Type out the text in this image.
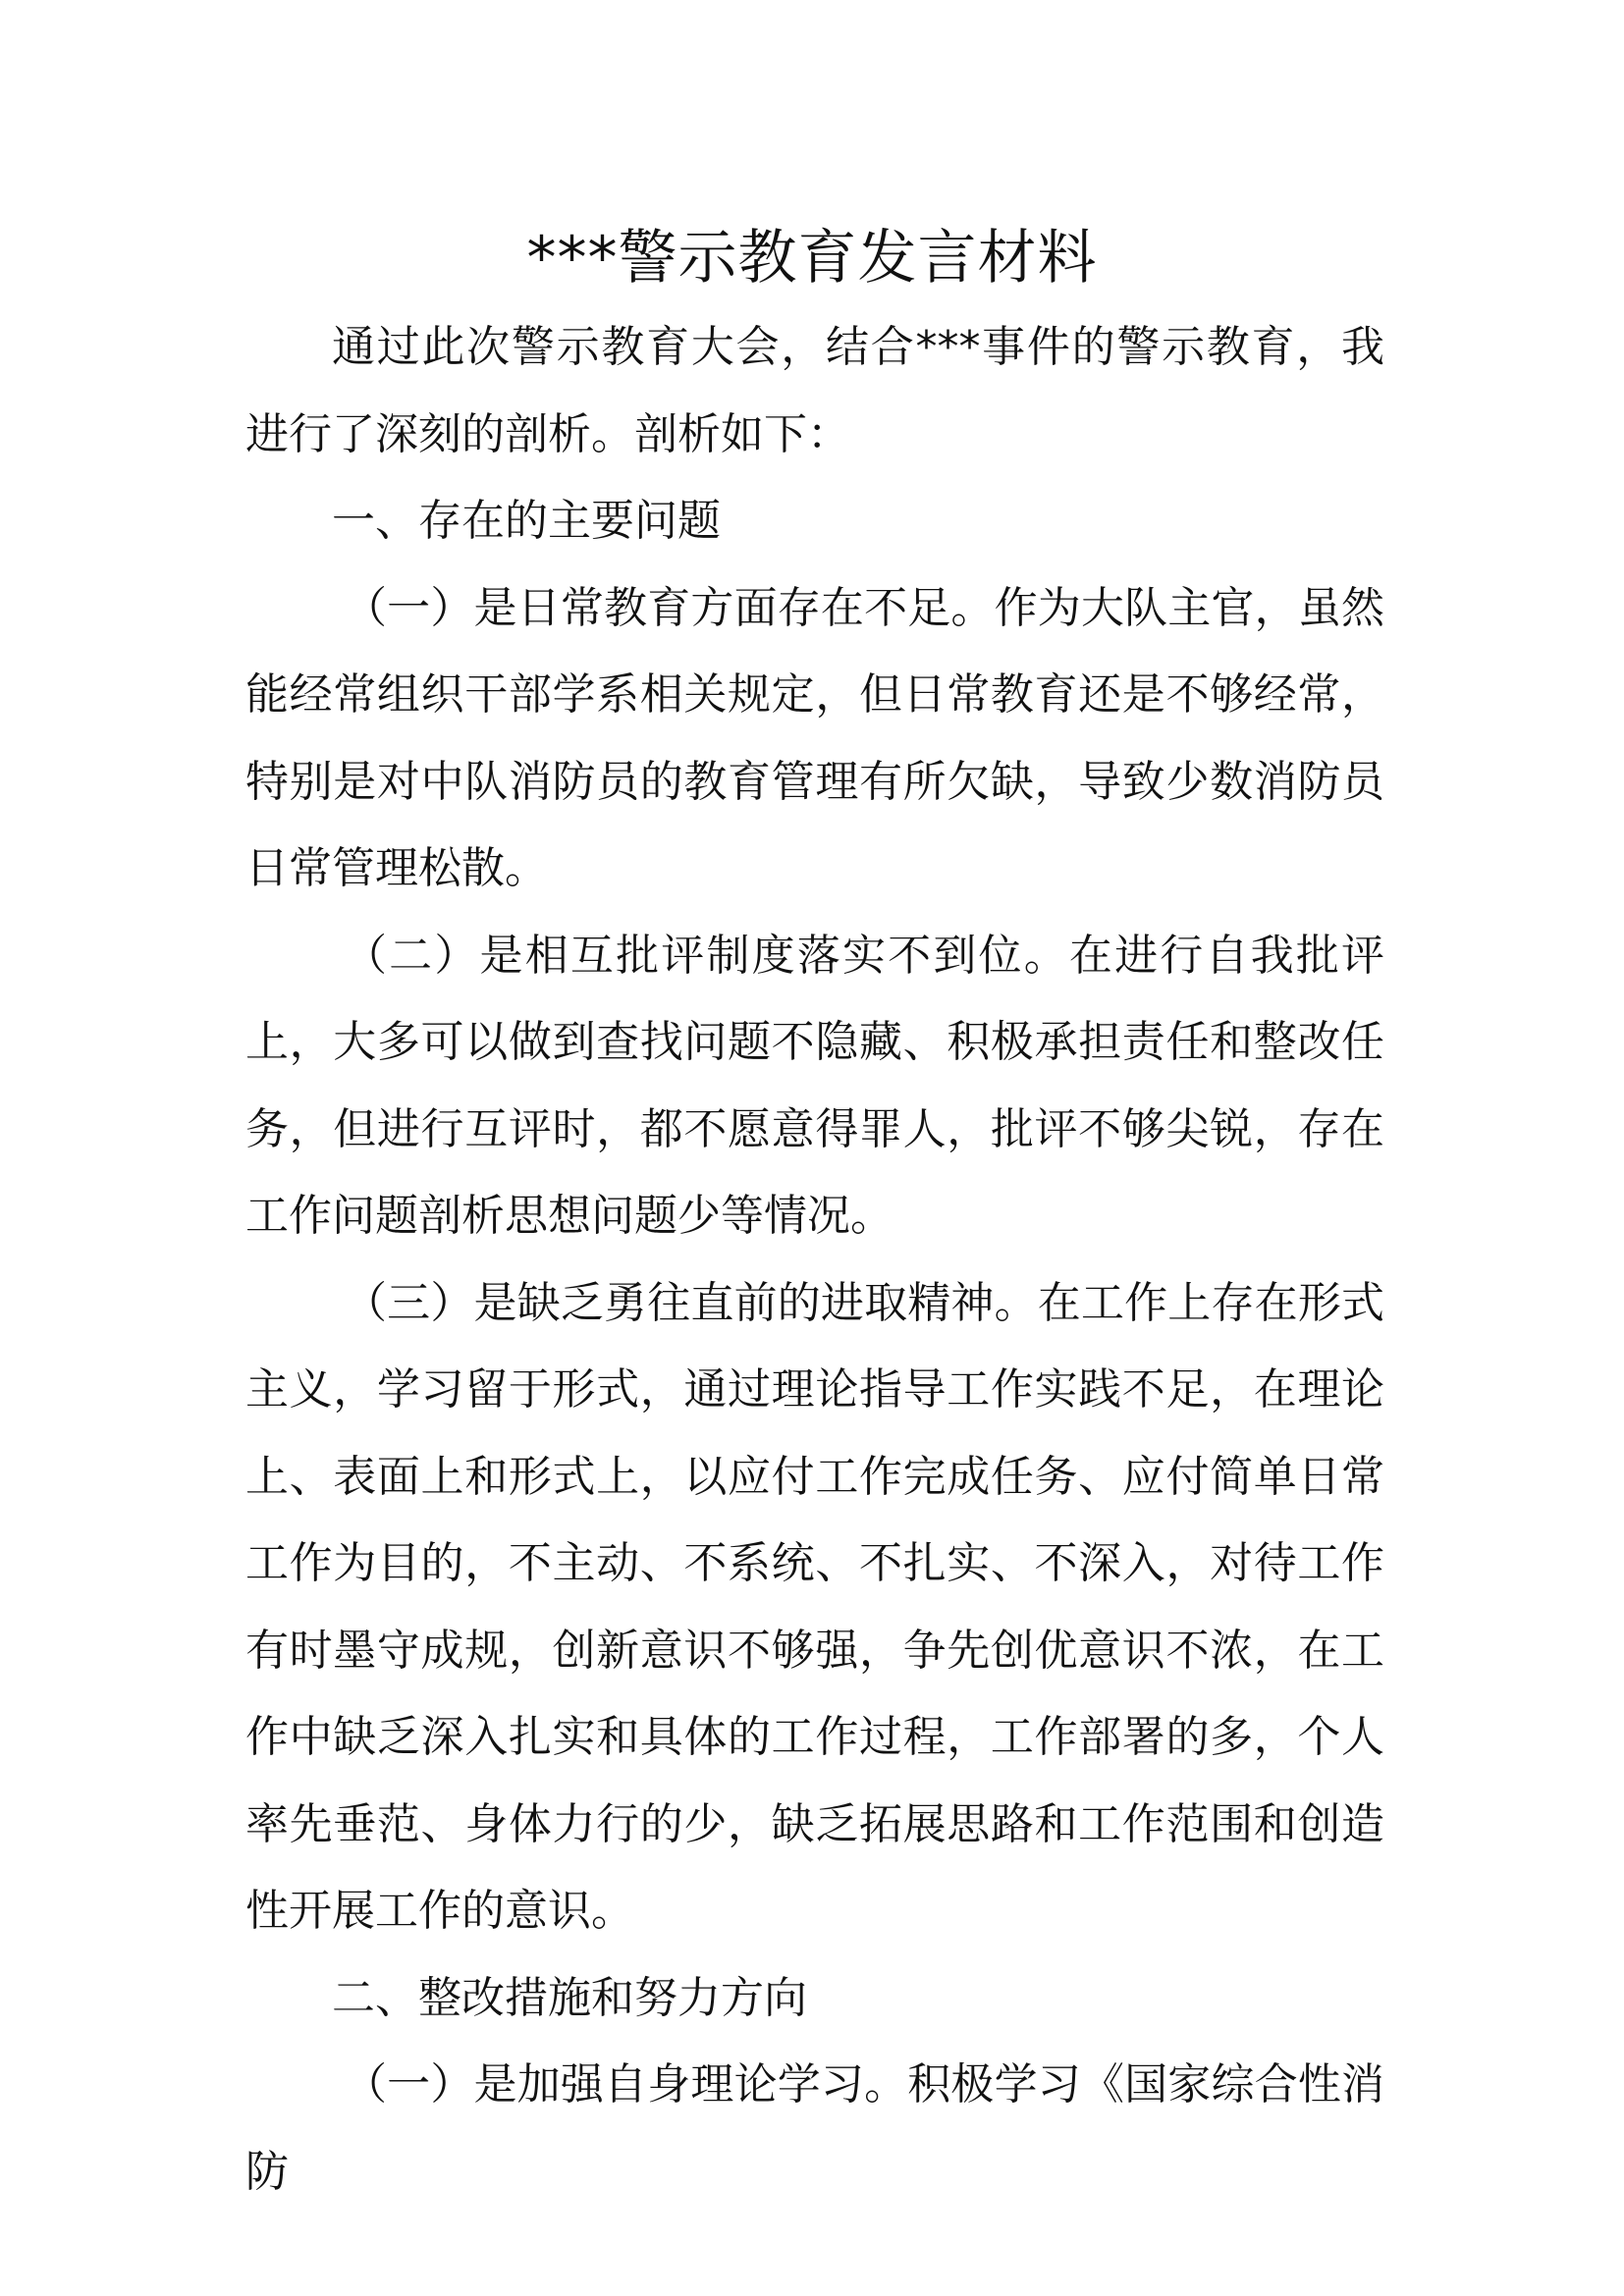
***警示教育发言材料

通过此次警示教育大会，结合***事件的警示教育，我进行了深刻的剖析。剖析如下：

一、存在的主要问题

（一）是日常教育方面存在不足。作为大队主官，虽然能经常组织干部学系相关规定，但日常教育还是不够经常，特别是对中队消防员的教育管理有所欠缺，导致少数消防员日常管理松散。

（二）是相互批评制度落实不到位。在进行自我批评上，大多可以做到查找问题不隐藏、积极承担责任和整改任务，但进行互评时，都不愿意得罪人，批评不够尖锐，存在工作问题剖析思想问题少等情况。

（三）是缺乏勇往直前的进取精神。在工作上存在形式主义，学习留于形式，通过理论指导工作实践不足，在理论上、表面上和形式上，以应付工作完成任务、应付简单日常工作为目的，不主动、不系统、不扎实、不深入，对待工作有时墨守成规，创新意识不够强，争先创优意识不浓，在工作中缺乏深入扎实和具体的工作过程，工作部署的多，个人率先垂范、身体力行的少，缺乏拓展思路和工作范围和创造性开展工作的意识。

二、整改措施和努力方向

（一）是加强自身理论学习。积极学习《国家综合性消防
